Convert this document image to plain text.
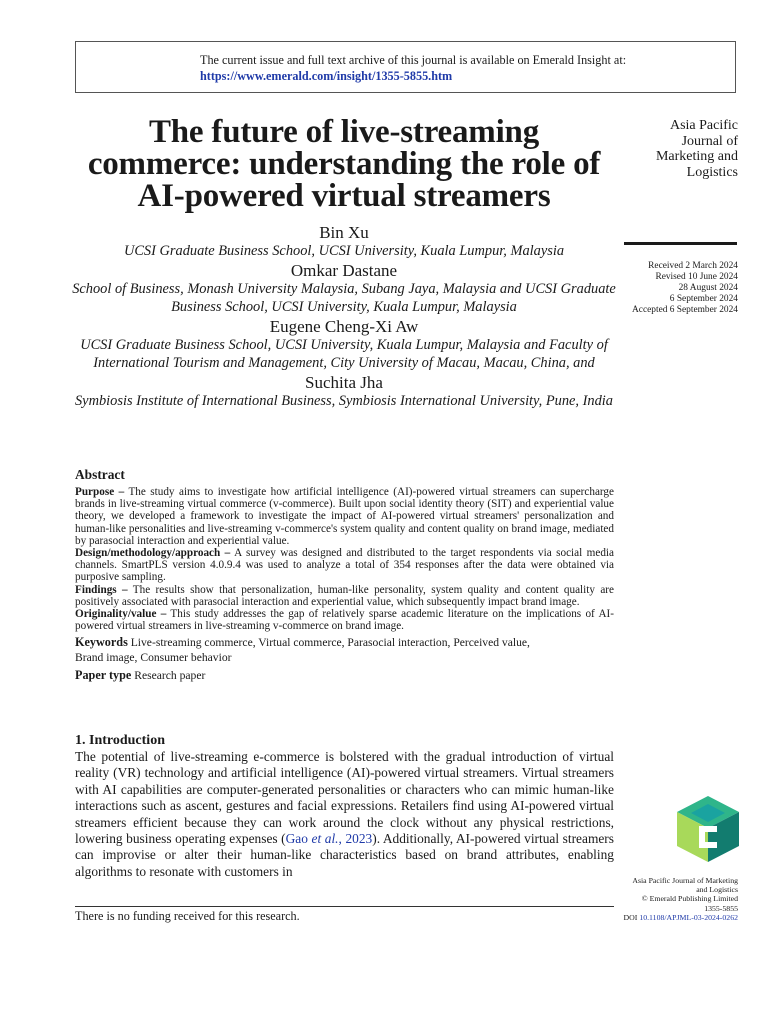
The current issue and full text archive of this journal is available on Emerald Insight at:
https://www.emerald.com/insight/1355-5855.htm
The future of live-streaming commerce: understanding the role of AI-powered virtual streamers
Bin Xu
UCSI Graduate Business School, UCSI University, Kuala Lumpur, Malaysia
Omkar Dastane
School of Business, Monash University Malaysia, Subang Jaya, Malaysia and UCSI Graduate Business School, UCSI University, Kuala Lumpur, Malaysia
Eugene Cheng-Xi Aw
UCSI Graduate Business School, UCSI University, Kuala Lumpur, Malaysia and Faculty of International Tourism and Management, City University of Macau, Macau, China, and
Suchita Jha
Symbiosis Institute of International Business, Symbiosis International University, Pune, India
Asia Pacific
Journal of
Marketing and
Logistics
Received 2 March 2024
Revised 10 June 2024
28 August 2024
6 September 2024
Accepted 6 September 2024
Abstract

Purpose – The study aims to investigate how artificial intelligence (AI)-powered virtual streamers can supercharge brands in live-streaming virtual commerce (v-commerce). Built upon social identity theory (SIT) and experiential value theory, we developed a framework to investigate the impact of AI-powered virtual streamers' personalization and human-like personalities and live-streaming v-commerce's system quality and content quality on brand image, mediated by parasocial interaction and experiential value.

Design/methodology/approach – A survey was designed and distributed to the target respondents via social media channels. SmartPLS version 4.0.9.4 was used to analyze a total of 354 responses after the data were obtained via purposive sampling.

Findings – The results show that personalization, human-like personality, system quality and content quality are positively associated with parasocial interaction and experiential value, which subsequently impact brand image.

Originality/value – This study addresses the gap of relatively sparse academic literature on the implications of AI-powered virtual streamers in live-streaming v-commerce on brand image.

Keywords Live-streaming commerce, Virtual commerce, Parasocial interaction, Perceived value,
Brand image, Consumer behavior

Paper type Research paper

1. Introduction

The potential of live-streaming e-commerce is bolstered with the gradual introduction of virtual reality (VR) technology and artificial intelligence (AI)-powered virtual streamers. Virtual streamers with AI capabilities are computer-generated personalities or characters who can mimic human-like interactions such as ascent, gestures and facial expressions. Retailers find using AI-powered virtual streamers efficient because they can work around the clock without any physical restrictions, lowering business operating expenses (Gao et al., 2023). Additionally, AI-powered virtual streamers can improvise or alter their human-like characteristics based on brand attributes, enabling algorithms to resonate with customers in

There is no funding received for this research.
Asia Pacific Journal of Marketing
and Logistics
© Emerald Publishing Limited
1355-5855
DOI 10.1108/APJML-03-2024-0262
